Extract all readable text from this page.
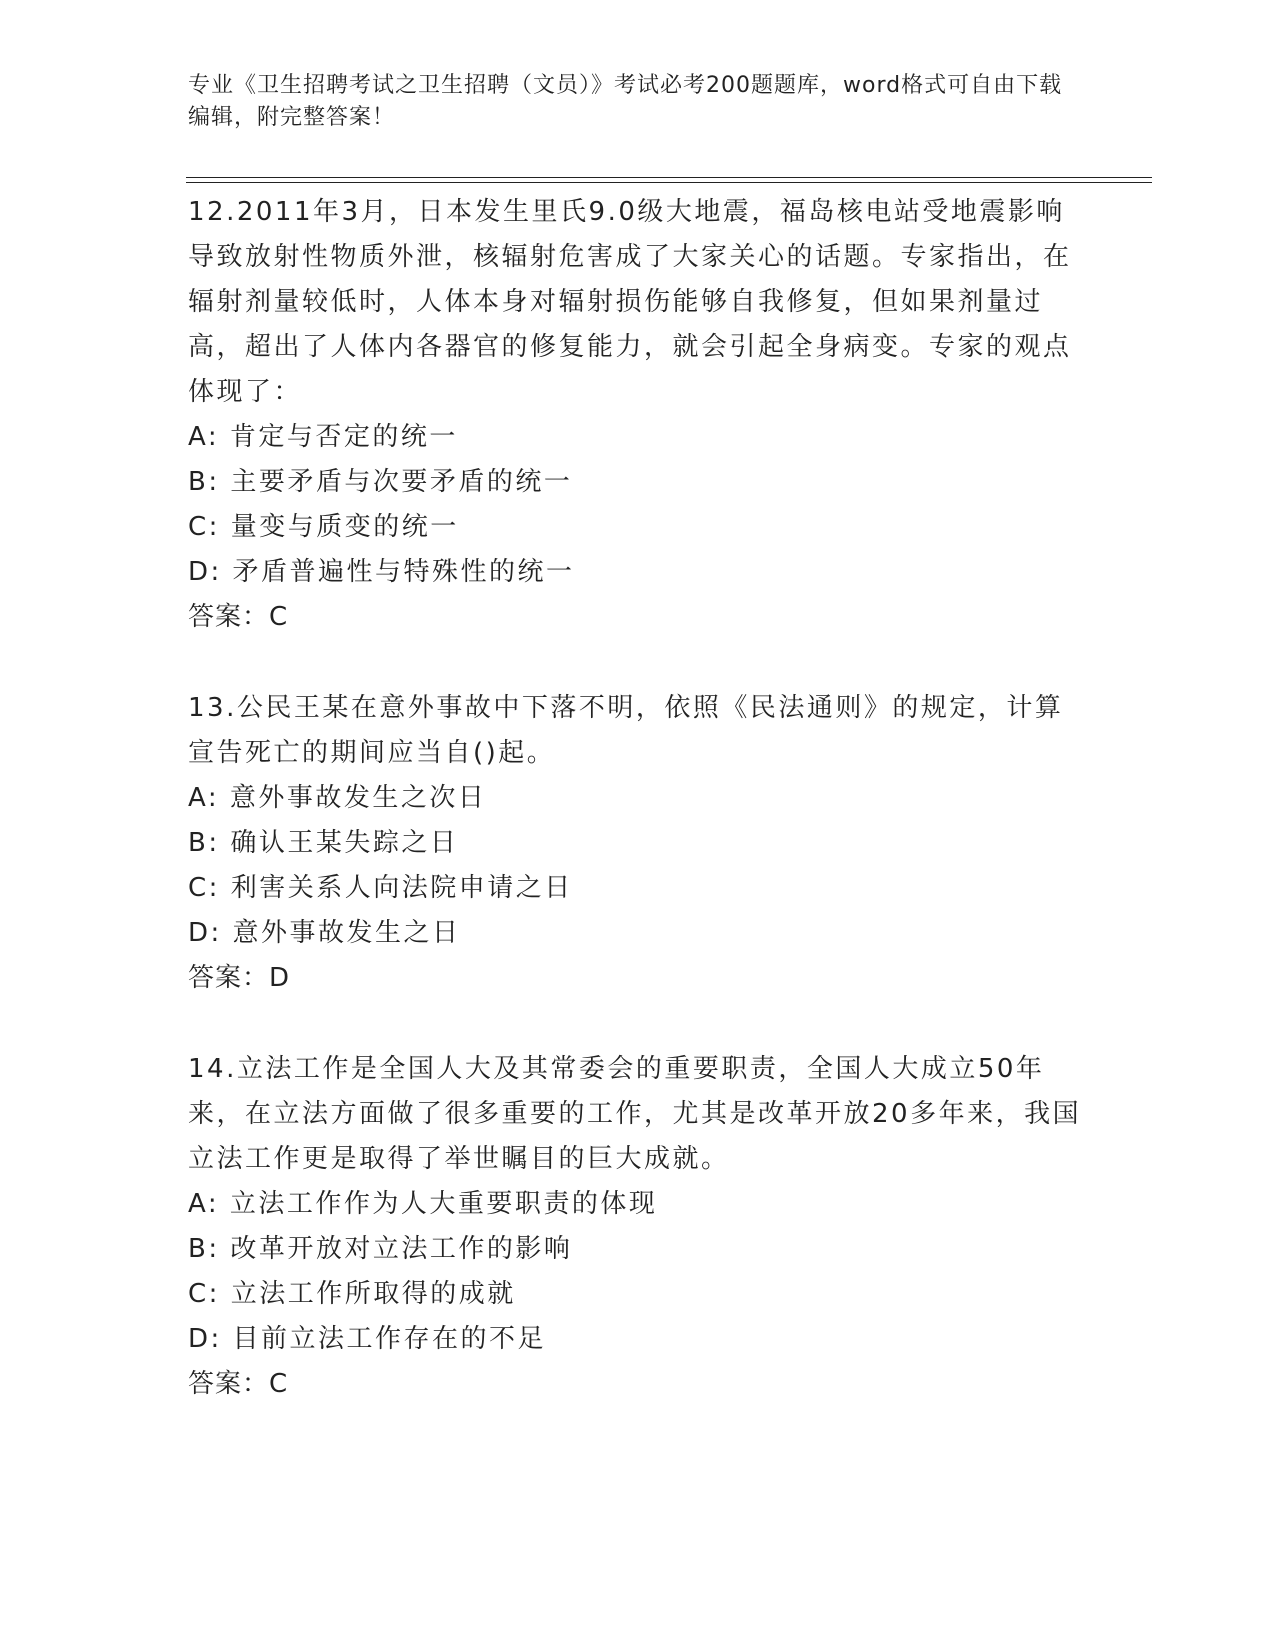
专业《卫生招聘考试之卫生招聘（文员）》考试必考200题题库，word格式可自由下载编辑，附完整答案！
12.2011年3月，日本发生里氏9.0级大地震，福岛核电站受地震影响导致放射性物质外泄，核辐射危害成了大家关心的话题。专家指出，在辐射剂量较低时，人体本身对辐射损伤能够自我修复，但如果剂量过高，超出了人体内各器官的修复能力，就会引起全身病变。专家的观点体现了：
A: 肯定与否定的统一
B: 主要矛盾与次要矛盾的统一
C: 量变与质变的统一
D: 矛盾普遍性与特殊性的统一
答案：C
13.公民王某在意外事故中下落不明，依照《民法通则》的规定，计算宣告死亡的期间应当自()起。
A: 意外事故发生之次日
B: 确认王某失踪之日
C: 利害关系人向法院申请之日
D: 意外事故发生之日
答案：D
14.立法工作是全国人大及其常委会的重要职责，全国人大成立50年来，在立法方面做了很多重要的工作，尤其是改革开放20多年来，我国立法工作更是取得了举世瞩目的巨大成就。
A: 立法工作作为人大重要职责的体现
B: 改革开放对立法工作的影响
C: 立法工作所取得的成就
D: 目前立法工作存在的不足
答案：C
